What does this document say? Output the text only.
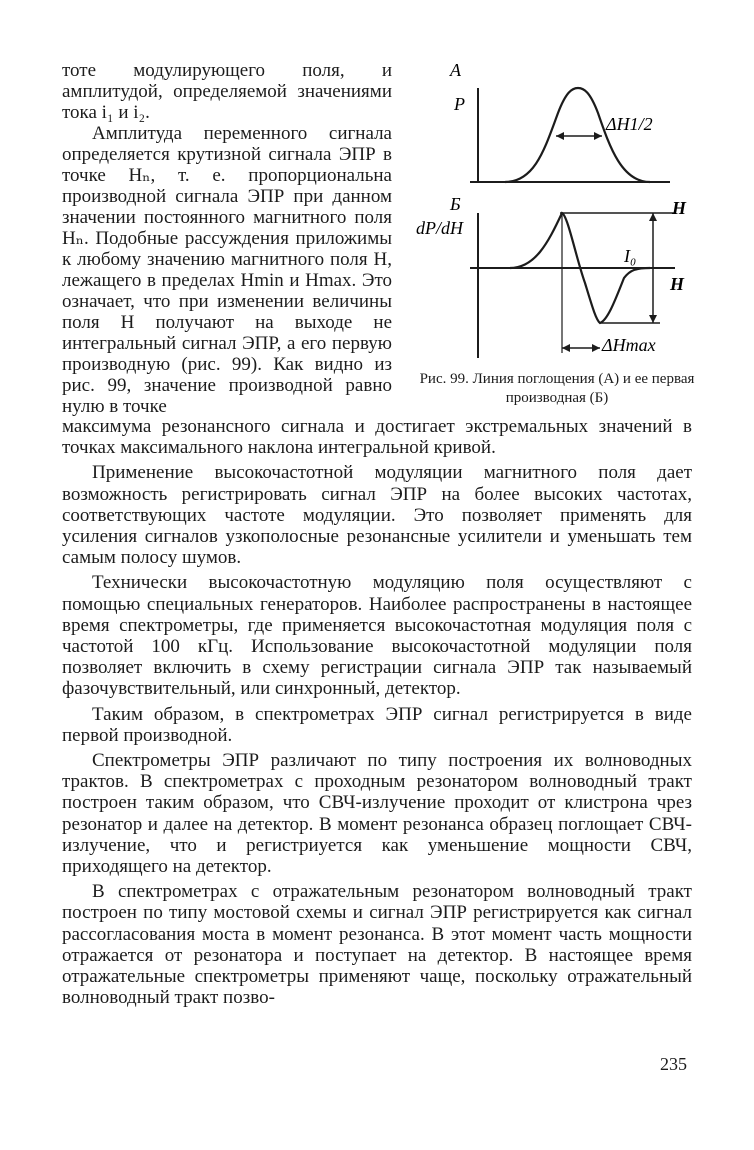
тоте модулирующего поля, и амплитудой, определяемой значениями тока i₁ и i₂.

Амплитуда переменного сигнала определяется крутизной сигнала ЭПР в точке Hₙ, т. е. пропорциональна производной сигнала ЭПР при данном значении постоянного магнитного поля Hₙ. Подобные рассуждения приложимы к любому значению магнитного поля H, лежащего в пределах Hmin и Hmax. Это означает, что при изменении величины поля H получают на выходе не интегральный сигнал ЭПР, а его первую производную (рис. 99). Как видно из рис. 99, значение производной равно нулю в точке

А
P
ΔH1/2
Б
dP/dH
H
I₀
H
ΔHmax
Рис. 99. Линия поглощения (А) и ее первая производная (Б)

максимума резонансного сигнала и достигает экстремальных значений в точках максимального наклона интегральной кривой.

Применение высокочастотной модуляции магнитного поля дает возможность регистрировать сигнал ЭПР на более высоких частотах, соответствующих частоте модуляции. Это позволяет применять для усиления сигналов узкополосные резонансные усилители и уменьшать тем самым полосу шумов.

Технически высокочастотную модуляцию поля осуществляют с помощью специальных генераторов. Наиболее распространены в настоящее время спектрометры, где применяется высокочастотная модуляция поля с частотой 100 кГц. Использование высокочастотной модуляции поля позволяет включить в схему регистрации сигнала ЭПР так называемый фазочувствительный, или синхронный, детектор.

Таким образом, в спектрометрах ЭПР сигнал регистрируется в виде первой производной.

Спектрометры ЭПР различают по типу построения их волноводных трактов. В спектрометрах с проходным резонатором волноводный тракт построен таким образом, что СВЧ-излучение проходит от клистрона чрез резонатор и далее на детектор. В момент резонанса образец поглощает СВЧ-излучение, что и регистриуется как уменьшение мощности СВЧ, приходящего на детектор.

В спектрометрах с отражательным резонатором волноводный тракт построен по типу мостовой схемы и сигнал ЭПР регистрируется как сигнал рассогласования моста в момент резонанса. В этот момент часть мощности отражается от резонатора и поступает на детектор. В настоящее время отражательные спектрометры применяют чаще, поскольку отражательный волноводный тракт позво-

235
